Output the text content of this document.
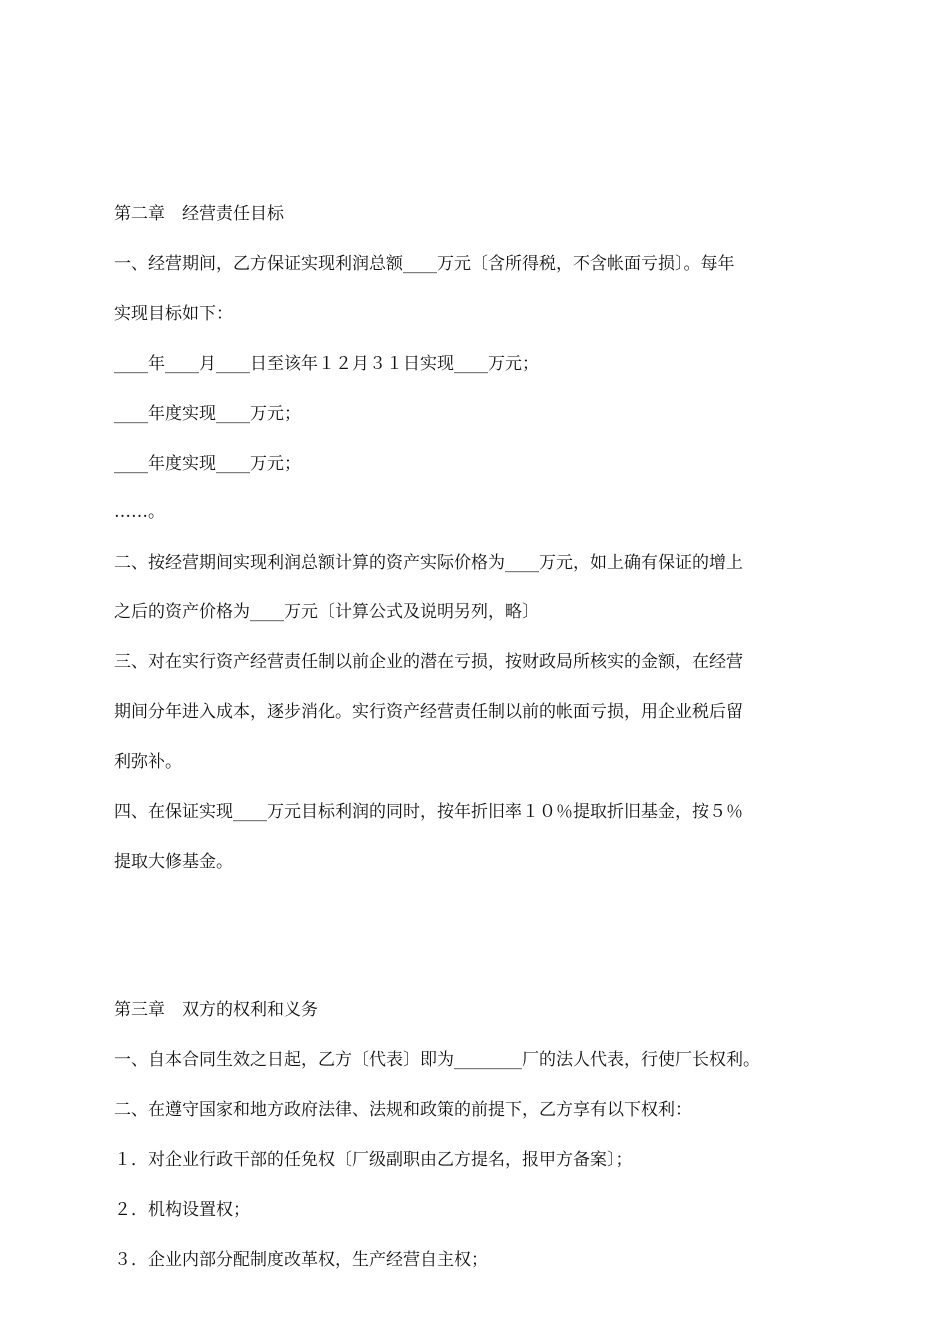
第二章　经营责任目标

一、经营期间，乙方保证实现利润总额____万元〔含所得税，不含帐面亏损〕。每年

实现目标如下：

____年____月____日至该年１２月３１日实现____万元；

____年度实现____万元；

____年度实现____万元；

……。

二、按经营期间实现利润总额计算的资产实际价格为____万元，如上确有保证的增上

之后的资产价格为____万元〔计算公式及说明另列，略〕

三、对在实行资产经营责任制以前企业的潜在亏损，按财政局所核实的金额，在经营

期间分年进入成本，逐步消化。实行资产经营责任制以前的帐面亏损，用企业税后留

利弥补。

四、在保证实现____万元目标利润的同时，按年折旧率１０％提取折旧基金，按５％

提取大修基金。

第三章　双方的权利和义务

一、自本合同生效之日起，乙方〔代表〕即为________厂的法人代表，行使厂长权利。

二、在遵守国家和地方政府法律、法规和政策的前提下，乙方享有以下权利：

１．对企业行政干部的任免权〔厂级副职由乙方提名，报甲方备案〕；

２．机构设置权；

３．企业内部分配制度改革权，生产经营自主权；
